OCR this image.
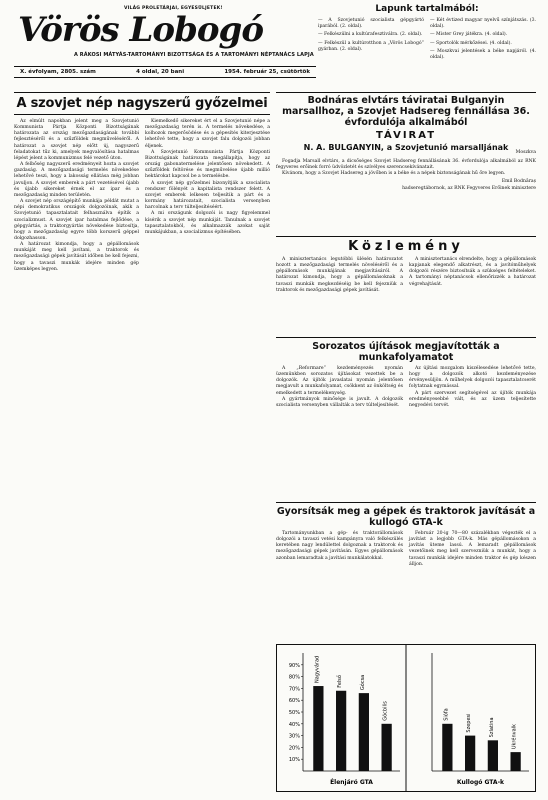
VILÁG PROLETÁRJAI, EGYESÜLJETEK!
Vörös Lobogó
A RÁKOSI MÁTYÁS-TARTOMÁNYI BIZOTTSÁGA ÉS A TARTOMÁNYI NÉPTANÁCS LAPJA
X. évfolyam, 2805. szám	4 oldal, 20 bani	1954. február 25, csütörtök
Lapunk tartalmából:

— A Szovjetunió szocialista gépgyártó iparából. (2. oldal).

— Felkészülni a kultúrafesztiválra. (2. oldal).

— Felkészül a kultúrotthon a „Vörös Lobogó” gyárban. (2. oldal).

— Két évtized magyar nyelvű színjátszás. (3. oldal).

— Mister Grey játékra. (4. oldal).

— Sportolók mérkőzései. (4. oldal).

— Moszkvai jelentések a béke napjáról. (4. oldal).

A szovjet nép nagyszerű győzelmei

Az elmúlt napokban jelent meg a Szovjetunió Kommunista Pártja Központi Bizottságának határozata az ország mezőgazdaságának további fejlesztéséről és a szűzföldek megműveléséről. A határozat a szovjet nép előtt új, nagyszerű feladatokat tűz ki, amelyek megvalósítása hatalmas lépést jelent a kommunizmus felé vezető úton.

A felbőség nagyszerű eredményeit hozta a szovjet gazdaság. A mezőgazdasági termelés növekedése lehetővé teszi, hogy a lakosság ellátása még jobban javuljon. A szovjet emberek a párt vezetésével újabb és újabb sikereket érnek el az ipar és a mezőgazdaság minden területén.

A szovjet nép országépítő munkája példát mutat a népi demokratikus országok dolgozóinak, akik a Szovjetunió tapasztalatait felhasználva építik a szocializmust. A szovjet ipar hatalmas fejlődése, a gépgyártás, a traktorgyártás növekedése biztosítja, hogy a mezőgazdaság egyre több korszerű géppel dolgozhasson.

A határozat kimondja, hogy a gépállomások munkáját meg kell javítani, a traktorok és mezőgazdasági gépek javítását időben be kell fejezni, hogy a tavaszi munkák idejére minden gép üzemképes legyen.

Kiemelkedő sikereket ért el a Szovjetunió népe a mezőgazdaság terén is. A termelés növekedése, a kolhozok megerősödése és a gépesítés kiterjesztése lehetővé tette, hogy a szovjet falu dolgozói jobban éljenek.

A Szovjetunió Kommunista Pártja Központi Bizottságának határozata megállapítja, hogy az ország gabonatermelése jelentősen növekedett. A szűzföldek feltörése és megművelése újabb millió hektárokat kapcsol be a termelésbe.

A szovjet nép győzelmei bizonyítják a szocialista rendszer fölényét a kapitalista rendszer felett. A szovjet emberek lelkesen teljesítik a párt és a kormány határozatait, szocialista versenyben harcolnak a terv túlteljesítéséért.

A mi országunk dolgozói is nagy figyelemmel kísérik a szovjet nép munkáját. Tanulnak a szovjet tapasztalatokból, és alkalmazzák azokat saját munkájukban, a szocializmus építésében.

Bodnáras elvtárs táviratai Bulganyin marsallhoz, a Szovjet Hadsereg fennállása 36. évfordulója alkalmából
TÁVIRAT
N. A. BULGANYIN, a Szovjetunió marsalljának
Moszkva

Fogadja Marsall elvtárs, a dicsőséges Szovjet Hadsereg fennállásának 36. évfordulója alkalmából az RNK fegyveres erőinek forró üdvözletét és szívélyes szerencsekívánatait.

Kívánom, hogy a Szovjet Hadsereg a jövőben is a béke és a népek biztonságának hű őre legyen.

Emil Bodnăraș
hadseregtábornok, az RNK Fegyveres Erőinek minisztere
Közlemény

A minisztertanács legutóbbi ülésén határozatot hozott a mezőgazdasági termelés növeléséről és a gépállomások munkájának megjavításáról. A határozat kimondja, hogy a gépállomásoknak a tavaszi munkák megkezdéséig be kell fejezniük a traktorok és mezőgazdasági gépek javítását.

A minisztertanács elrendelte, hogy a gépállomások kapjanak elegendő alkatrészt, és a javítóműhelyek dolgozói részére biztosítsák a szükséges feltételeket. A tartományi néptanácsok ellenőrizzék a határozat végrehajtását.

Sorozatos újítások megjavították a munkafolyamatot

A „Reformare” kezdeményezés nyomán üzemünkben sorozatos újításokat vezettek be a dolgozók. Az újítók javaslatai nyomán jelentősen megjavult a munkafolyamat, csökkent az önköltség és emelkedett a termelékenység.

A gyártmányok minősége is javult. A dolgozók szocialista versenyben vállalták a terv túlteljesítését.

Az újítási mozgalom kiszélesedése lehetővé tette, hogy a dolgozók alkotó kezdeményezése érvényesüljön. A műhelyek dolgozói tapasztalatcserét folytatnak egymással.

A párt szervezet segítségével az újítók munkája eredményesebbé vált, és az üzem teljesítette negyedévi tervét.

Gyorsítsák meg a gépek és traktorok javítását a kullogó GTA-k

Tartományunkban a gép- és traktorállomások dolgozói a tavaszi vetési kampányra való felkészülés keretében nagy lendülettel dolgoznak a traktorok és mezőgazdasági gépek javításán. Egyes gépállomások azonban lemaradtak a javítási munkálatokkal.

Február 20-ig 70—80 százalékban végezték el a javítást a legjobb GTA-k. Más gépállomásokon a javítás üteme lassú. A lemaradt gépállomások vezetőinek meg kell szervezniük a munkát, hogy a tavaszi munkák idejére minden traktor és gép készen álljon.

90%
80%
70%
60%
50%
40%
30%
20%
10%
Nagyvárad	Felső	Gócsa
Gócbilis
Élenjáró GTA
Siófa	Szepesi	Szlatina	Ukrénvalk
Kullogó GTA-k
